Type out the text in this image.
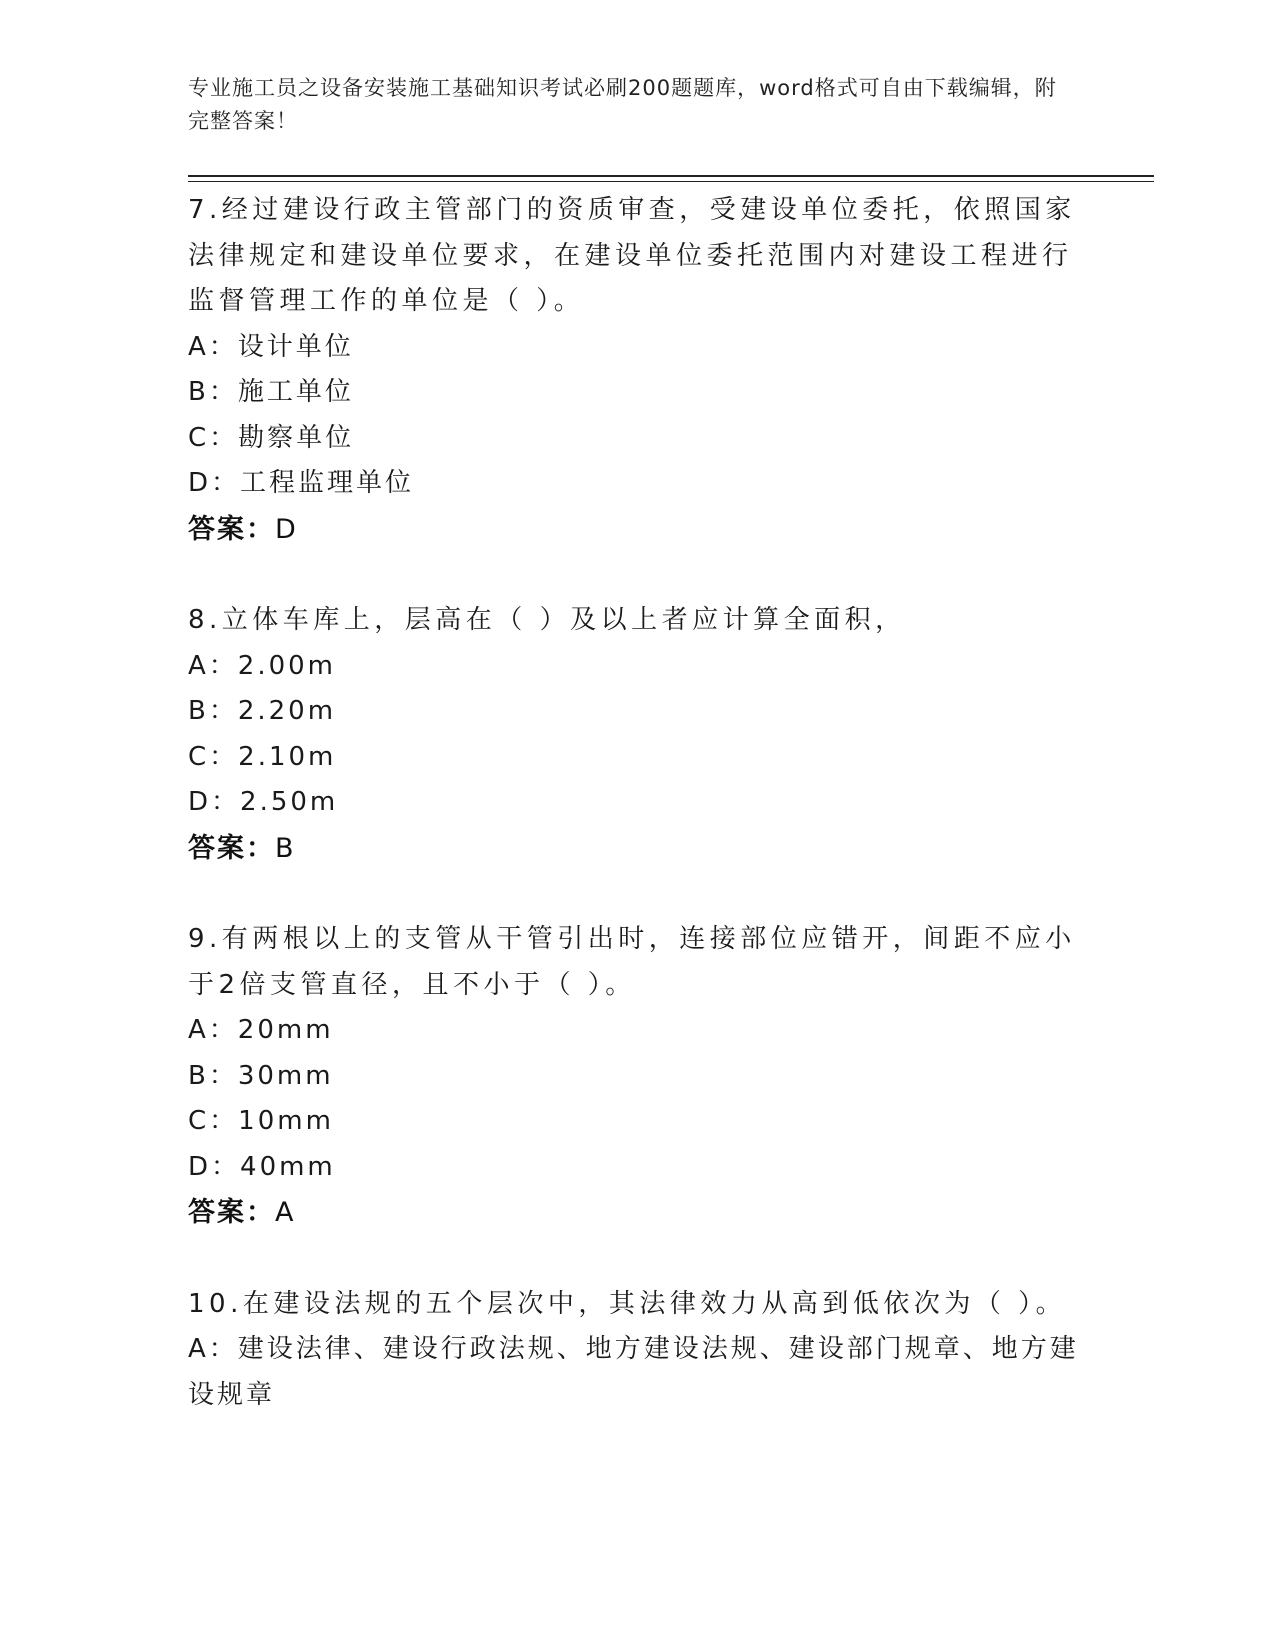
专业施工员之设备安装施工基础知识考试必刷200题题库，word格式可自由下载编辑，附完整答案！
7.经过建设行政主管部门的资质审查，受建设单位委托，依照国家法律规定和建设单位要求，在建设单位委托范围内对建设工程进行监督管理工作的单位是（ ）。
A：设计单位
B：施工单位
C：勘察单位
D：工程监理单位
答案：D
8.立体车库上，层高在（ ）及以上者应计算全面积，
A：2.00m
B：2.20m
C：2.10m
D：2.50m
答案：B
9.有两根以上的支管从干管引出时，连接部位应错开，间距不应小于2倍支管直径，且不小于（ ）。
A：20mm
B：30mm
C：10mm
D：40mm
答案：A
10.在建设法规的五个层次中，其法律效力从高到低依次为（ ）。
A：建设法律、建设行政法规、地方建设法规、建设部门规章、地方建设规章
